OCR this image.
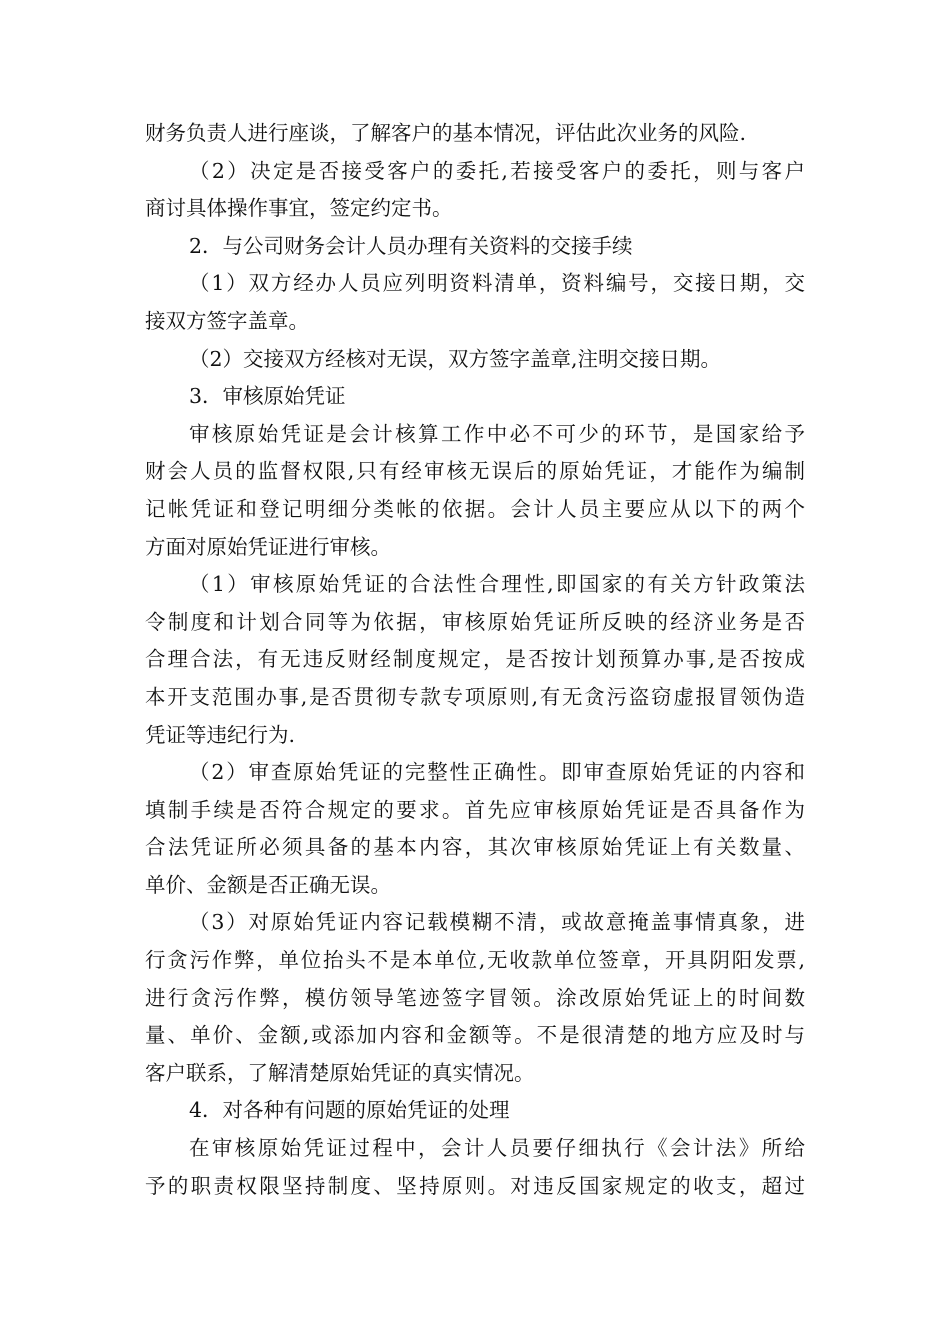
财务负责人进行座谈，了解客户的基本情况，评估此次业务的风险.
（2）决定是否接受客户的委托,若接受客户的委托，则与客户
商讨具体操作事宜，签定约定书。
2．与公司财务会计人员办理有关资料的交接手续
（1）双方经办人员应列明资料清单，资料编号，交接日期，交
接双方签字盖章。
（2）交接双方经核对无误，双方签字盖章,注明交接日期。
3．审核原始凭证
审核原始凭证是会计核算工作中必不可少的环节，是国家给予
财会人员的监督权限,只有经审核无误后的原始凭证，才能作为编制
记帐凭证和登记明细分类帐的依据。会计人员主要应从以下的两个
方面对原始凭证进行审核。
（1）审核原始凭证的合法性合理性,即国家的有关方针政策法
令制度和计划合同等为依据，审核原始凭证所反映的经济业务是否
合理合法，有无违反财经制度规定，是否按计划预算办事,是否按成
本开支范围办事,是否贯彻专款专项原则,有无贪污盗窃虚报冒领伪造
凭证等违纪行为.
（2）审查原始凭证的完整性正确性。即审查原始凭证的内容和
填制手续是否符合规定的要求。首先应审核原始凭证是否具备作为
合法凭证所必须具备的基本内容，其次审核原始凭证上有关数量、
单价、金额是否正确无误。
（3）对原始凭证内容记载模糊不清，或故意掩盖事情真象，进
行贪污作弊，单位抬头不是本单位,无收款单位签章，开具阴阳发票,
进行贪污作弊，模仿领导笔迹签字冒领。涂改原始凭证上的时间数
量、单价、金额,或添加内容和金额等。不是很清楚的地方应及时与
客户联系，了解清楚原始凭证的真实情况。
4．对各种有问题的原始凭证的处理
在审核原始凭证过程中，会计人员要仔细执行《会计法》所给
予的职责权限坚持制度、坚持原则。对违反国家规定的收支，超过
